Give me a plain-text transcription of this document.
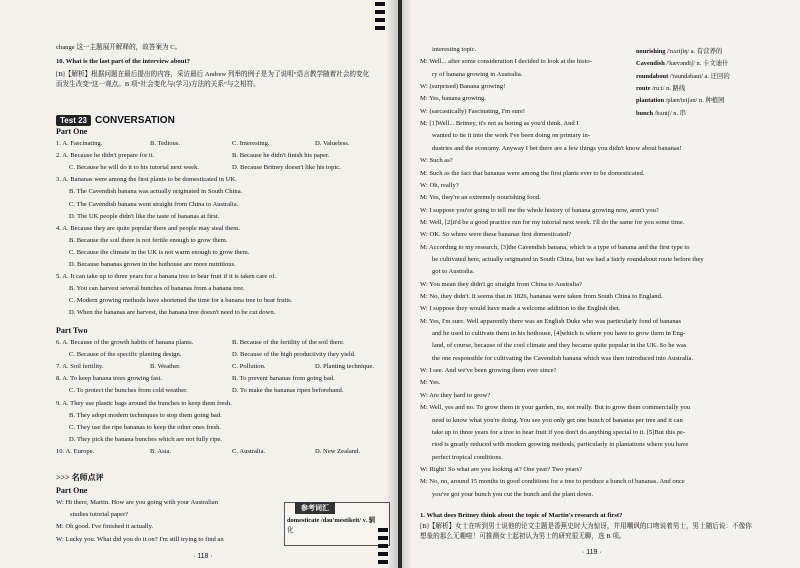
change 这一主题展开解释的，故答案为 C。
10. What is the last part of the interview about?
[B]【解析】根据问题在最后提出的内容，采访最后 Andrew 列举的例子是为了说明“语言教学随着社会的变化
而发生改变”这一观点。B 项“社会变化与(学习)方法的关系”与之相符。
Test 23 CONVERSATION
Part One
1. A. Fascinating.	B. Tedious.	C. Interesting.	D. Valueless.
2. A. Because he didn't prepare for it.	B. Because he didn't finish his paper.
C. Because he will do it to his tutorial next week.	D. Because Britney doesn't like his topic.
3. A. Bananas were among the first plants to be domesticated in UK.
B. The Cavendish banana was actually originated in South China.
C. The Cavendish banana went straight from China to Australia.
D. The UK people didn't like the taste of bananas at first.
4. A. Because they are quite popular there and people may steal them.
B. Because the soil there is not fertile enough to grow them.
C. Because the climate in the UK is not warm enough to grow them.
D. Because bananas grown in the hothouse are more nutritious.
5. A. It can take up to three years for a banana tree to bear fruit if it is taken care of.
B. You can harvest several bunches of bananas from a banana tree.
C. Modern growing methods have shortened the time for a banana tree to bear fruits.
D. When the bananas are harvest, the banana tree doesn't need to be cut down.
Part Two
6. A. Because of the growth habits of banana plants.	B. Because of the fertility of the soil there.
C. Because of the specific planting design.	D. Because of the high productivity they yield.
7. A. Soil fertility.	B. Weather.	C. Pollution.	D. Planting technique.
8. A. To keep banana trees growing fast.	B. To prevent bananas from going bad.
C. To protect the bunches from cold weather.	D. To make the bananas ripen beforehand.
9. A. They use plastic bags around the bunches to keep them fresh.
B. They adopt modern techniques to stop them going bad.
C. They use the ripe bananas to keep the other ones fresh.
D. They pick the banana bunches which are not fully ripe.
10. A. Europe.	B. Asia.	C. Australia.	D. New Zealand.
>>> 名师点评
Part One
W: Hi there, Martin. How are you going with your Australian
studies tutorial paper?
M: Oh good. I've finished it actually.
W: Lucky you. What did you do it on? I'm still trying to find an
参考词汇
domesticate /dəu'mestikeit/ v. 驯
化
· 118 ·
interesting topic.
M: Well... after some consideration I decided to look at the histo-
ry of banana growing in Australia.
W: (surprised) Banana growing!
M: Yes, banana growing.
W: (sarcastically) Fascinating, I'm sure!
M: [1]Well... Britney, it's not as boring as you'd think. And I
wanted to tie it into the work I've been doing on primary in-
dustries and the economy. Anyway I bet there are a few things you didn't know about bananas!
W: Such as?
M: Such as the fact that bananas were among the first plants ever to be domesticated.
W: Oh, really?
M: Yes, they're an extremely nourishing food.
W: I suppose you're going to tell me the whole history of banana growing now, aren't you?
M: Well, [2]it'd be a good practice run for my tutorial next week. I'll do the same for you some time.
W: OK. So where were these bananas first domesticated?
M: According to my research, [3]the Cavendish banana, which is a type of banana and the first type to
be cultivated here, actually originated in South China, but we had a fairly roundabout route before they
got to Australia.
W: You mean they didn't go straight from China to Australia?
M: No, they didn't. It seems that in 1826, bananas were taken from South China to England.
W: I suppose they would have made a welcome addition to the English diet.
M: Yes, I'm sure. Well apparently there was an English Duke who was particularly fond of bananas
and he used to cultivate them in his hothouse, [4]which is where you have to grow them in Eng-
land, of course, because of the cool climate and they became quite popular in the UK. So he was
the one responsible for cultivating the Cavendish banana which was then introduced into Australia.
W: I see. And we've been growing them ever since?
M: Yes.
W: Are they hard to grow?
M: Well, yes and no. To grow them in your garden, no, not really. But to grow them commercially you
need to know what you're doing. You see you only get one bunch of bananas per tree and it can
take up to three years for a tree to bear fruit if you don't do anything special to it. [5]But this pe-
riod is greatly reduced with modern growing methods, particularly in plantations where you have
perfect tropical conditions.
W: Right! So what are you looking at? One year? Two years?
M: No, no, around 15 months in good conditions for a tree to produce a bunch of bananas. And once
you've got your bunch you cut the bunch and the plant down.
nourishing /'nʌriʃiŋ/ a. 有营养的
Cavendish /'kævəndiʃ/ n. 卡文迪什
roundabout /'raundəbaut/ a. 迂回的
route /ruːt/ n. 路线
plantation /plæn'teiʃən/ n. 种植园
bunch /bʌntʃ/ n. 串
1. What does Britney think about the topic of Martin's research at first?
[B]【解析】女士在听到男士说他的论文主题是香蕉史时大为惊讶，并用嘲讽的口吻说着男士，男士随后说：不像你
想象的那么无趣啦！可推测女士起初认为男士的研究很无聊，选 B 项。
· 119 ·
